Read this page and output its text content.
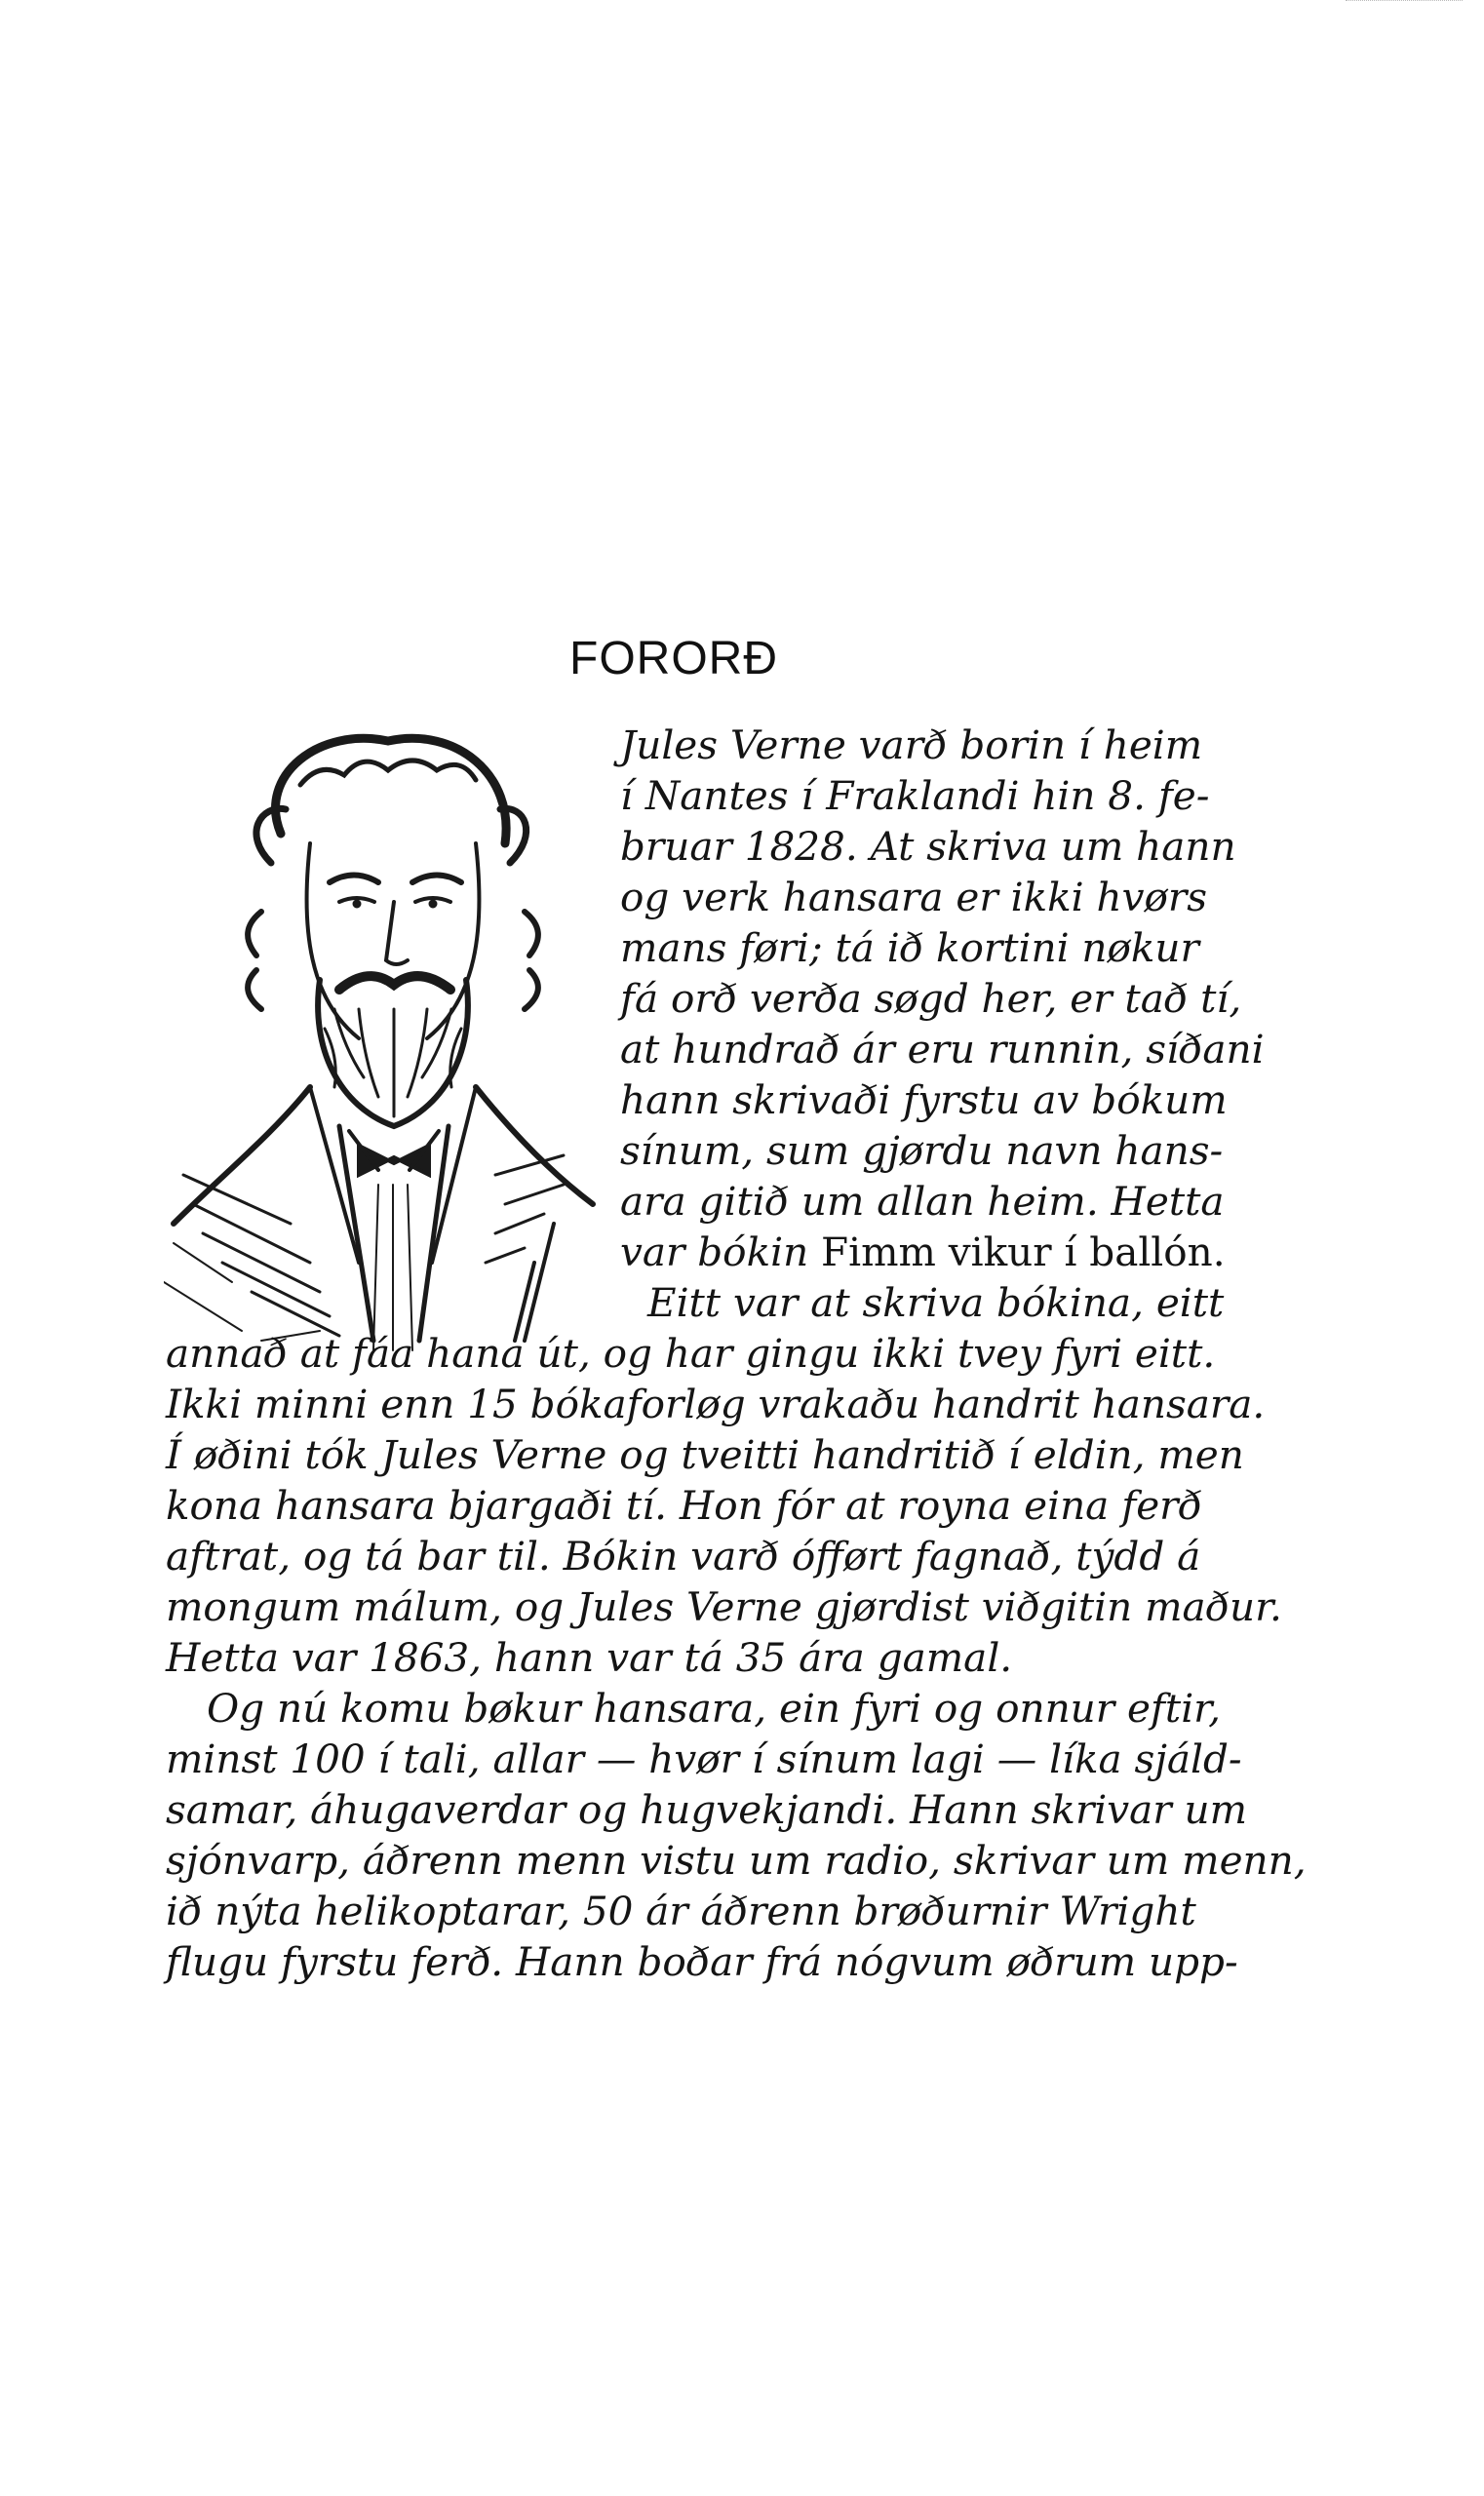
FORORÐ
Jules Verne varð borin í heim
í Nantes í Fraklandi hin 8. fe-
bruar 1828. At skriva um hann
og verk hansara er ikki hvørs
mans føri; tá ið kortini nøkur
fá orð verða søgd her, er tað tí,
at hundrað ár eru runnin, síðani
hann skrivaði fyrstu av bókum
sínum, sum gjørdu navn hans-
ara gitið um allan heim. Hetta
var bókin Fimm vikur í ballón.
Eitt var at skriva bókina, eitt
annað at fáa hana út, og har gingu ikki tvey fyri eitt.
Ikki minni enn 15 bókaforløg vrakaðu handrit hansara.
Í øðini tók Jules Verne og tveitti handritið í eldin, men
kona hansara bjargaði tí. Hon fór at royna eina ferð
aftrat, og tá bar til. Bókin varð ófført fagnað, týdd á
mongum málum, og Jules Verne gjørdist viðgitin maður.
Hetta var 1863, hann var tá 35 ára gamal.
Og nú komu bøkur hansara, ein fyri og onnur eftir,
minst 100 í tali, allar — hvør í sínum lagi — líka sjáld-
samar, áhugaverdar og hugvekjandi. Hann skrivar um
sjónvarp, áðrenn menn vistu um radio, skrivar um menn,
ið nýta helikoptarar, 50 ár áðrenn brøðurnir Wright
flugu fyrstu ferð. Hann boðar frá nógvum øðrum upp-
